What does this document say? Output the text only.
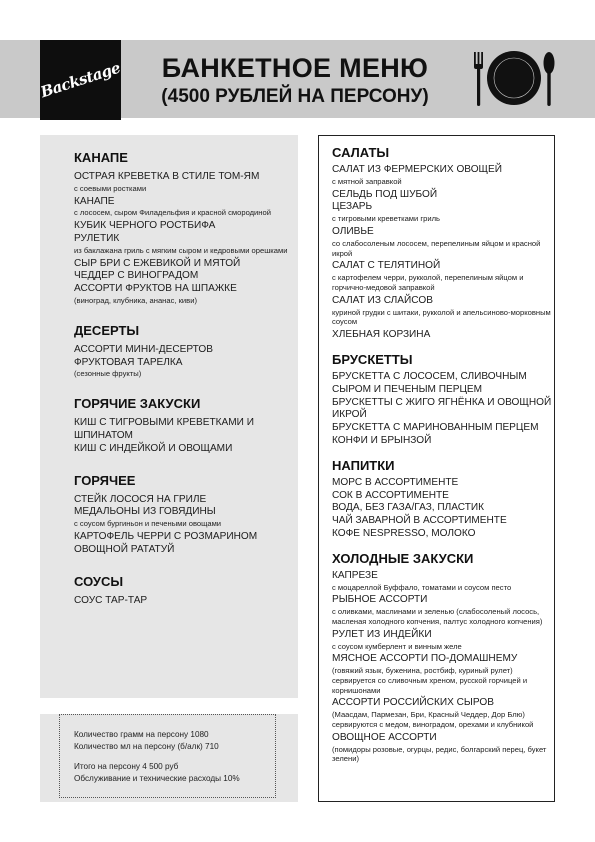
Backstage	БАНКЕТНОЕ МЕНЮ
(4500 РУБЛЕЙ НА ПЕРСОНУ)
КАНАПЕ
ОСТРАЯ КРЕВЕТКА В СТИЛЕ ТОМ-ЯМ
с соевыми ростками
КАНАПЕ
с лососем, сыром Филадельфия и красной смородиной
КУБИК ЧЕРНОГО РОСТБИФА
РУЛЕТИК
из баклажана гриль с мягким сыром и кедровыми орешками
СЫР БРИ С ЕЖЕВИКОЙ И МЯТОЙ
ЧЕДДЕР С ВИНОГРАДОМ
АССОРТИ ФРУКТОВ НА ШПАЖКЕ
(виноград, клубника, ананас, киви)
ДЕСЕРТЫ
АССОРТИ МИНИ-ДЕСЕРТОВ
ФРУКТОВАЯ ТАРЕЛКА
(сезонные фрукты)
ГОРЯЧИЕ ЗАКУСКИ
КИШ С ТИГРОВЫМИ КРЕВЕТКАМИ И ШПИНАТОМ
КИШ С ИНДЕЙКОЙ И ОВОЩАМИ
ГОРЯЧЕЕ
СТЕЙК ЛОСОСЯ НА ГРИЛЕ
МЕДАЛЬОНЫ ИЗ ГОВЯДИНЫ
с соусом бургиньон и печеными овощами
КАРТОФЕЛЬ ЧЕРРИ С РОЗМАРИНОМ
ОВОЩНОЙ РАТАТУЙ
СОУСЫ
СОУС ТАР-ТАР
Количество грамм на персону 1080
Количество мл на персону (б/алк) 710
Итого на персону 4 500 руб
Обслуживание и технические расходы 10%
САЛАТЫ
САЛАТ ИЗ ФЕРМЕРСКИХ ОВОЩЕЙ
с мятной заправкой
СЕЛЬДЬ ПОД ШУБОЙ
ЦЕЗАРЬ
с тигровыми креветками гриль
ОЛИВЬЕ
со слабосоленым лососем, перепелиным яйцом и красной икрой
САЛАТ С ТЕЛЯТИНОЙ
с картофелем черри, рукколой, перепелиным яйцом и горчично-медовой заправкой
САЛАТ ИЗ СЛАЙСОВ
куриной грудки с шитаки, рукколой и апельсиново-морковным соусом
ХЛЕБНАЯ КОРЗИНА
БРУСКЕТТЫ
БРУСКЕТТА С ЛОСОСЕМ, СЛИВОЧНЫМ СЫРОМ И ПЕЧЕНЫМ ПЕРЦЕМ
БРУСКЕТТЫ С ЖИГО ЯГНЁНКА И ОВОЩНОЙ ИКРОЙ
БРУСКЕТТА С МАРИНОВАННЫМ ПЕРЦЕМ КОНФИ И БРЫНЗОЙ
НАПИТКИ
МОРС В АССОРТИМЕНТЕ
СОК В АССОРТИМЕНТЕ
ВОДА, БЕЗ ГАЗА/ГАЗ, ПЛАСТИК
ЧАЙ ЗАВАРНОЙ В АССОРТИМЕНТЕ
КОФЕ NESPRESSO, МОЛОКО
ХОЛОДНЫЕ ЗАКУСКИ
КАПРЕЗЕ
с моцареллой Буффало, томатами и соусом песто
РЫБНОЕ АССОРТИ
с оливками, маслинами и зеленью (слабосоленый лосось, масленая холодного копчения, палтус холодного копчения)
РУЛЕТ ИЗ ИНДЕЙКИ
с соусом кумберлент и винным желе
МЯСНОЕ АССОРТИ ПО-ДОМАШНЕМУ
(говяжий язык, буженина, ростбиф, куриный рулет) сервируется со сливочным хреном, русской горчицей и корнишонами
АССОРТИ РОССИЙСКИХ СЫРОВ
(Маасдам, Пармезан, Бри, Красный Чеддер, Дор Блю) сервируются с медом, виноградом, орехами и клубникой
ОВОЩНОЕ АССОРТИ
(помидоры розовые, огурцы, редис, болгарский перец, букет зелени)
